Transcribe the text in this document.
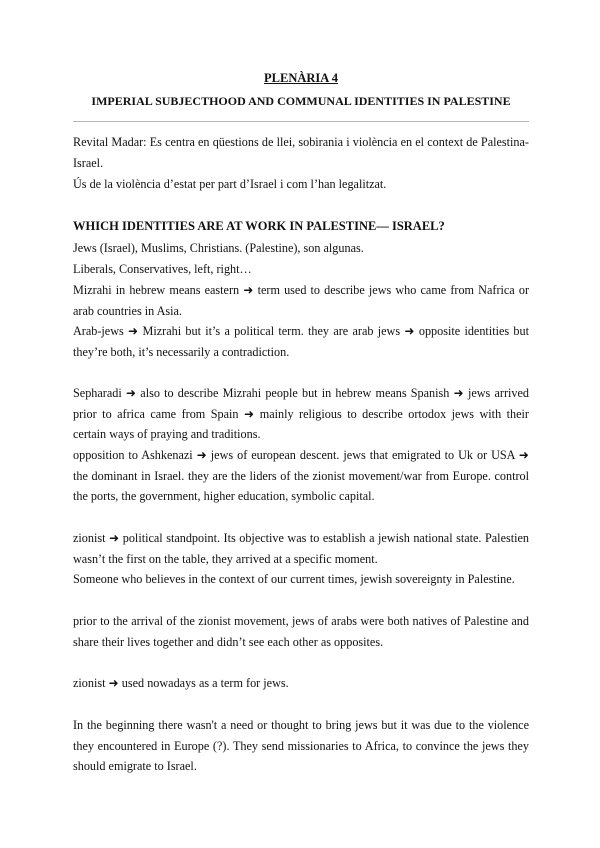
PLENÀRIA 4
IMPERIAL SUBJECTHOOD AND COMMUNAL IDENTITIES IN PALESTINE

Revital Madar: Es centra en qüestions de llei, sobirania i violència en el context de Palestina-Israel.

Ús de la violència d’estat per part d’Israel i com l’han legalitzat.

WHICH IDENTITIES ARE AT WORK IN PALESTINE— ISRAEL?

Jews (Israel), Muslims, Christians. (Palestine), son algunas.

Liberals, Conservatives, left, right…

Mizrahi in hebrew means eastern ➜ term used to describe jews who came from Nafrica or arab countries in Asia.

Arab-jews ➜ Mizrahi but it’s a political term. they are arab jews ➜ opposite identities but they’re both, it’s necessarily a contradiction.

Sepharadi ➜ also to describe Mizrahi people but in hebrew means Spanish ➜ jews arrived prior to africa came from Spain ➜ mainly religious to describe ortodox jews with their certain ways of praying and traditions.

opposition to Ashkenazi ➜ jews of european descent. jews that emigrated to Uk or USA ➜ the dominant in Israel. they are the liders of the zionist movement/war from Europe. control the ports, the government, higher education, symbolic capital.

zionist ➜ political standpoint. Its objective was to establish a jewish national state. Palestien wasn’t the first on the table, they arrived at a specific moment.

Someone who believes in the context of our current times, jewish sovereignty in Palestine.

prior to the arrival of the zionist movement, jews of arabs were both natives of Palestine and share their lives together and didn’t see each other as opposites.

zionist ➜ used nowadays as a term for jews.

In the beginning there wasn't a need or thought to bring jews but it was due to the violence they encountered in Europe (?). They send missionaries to Africa, to convince the jews they should emigrate to Israel.
